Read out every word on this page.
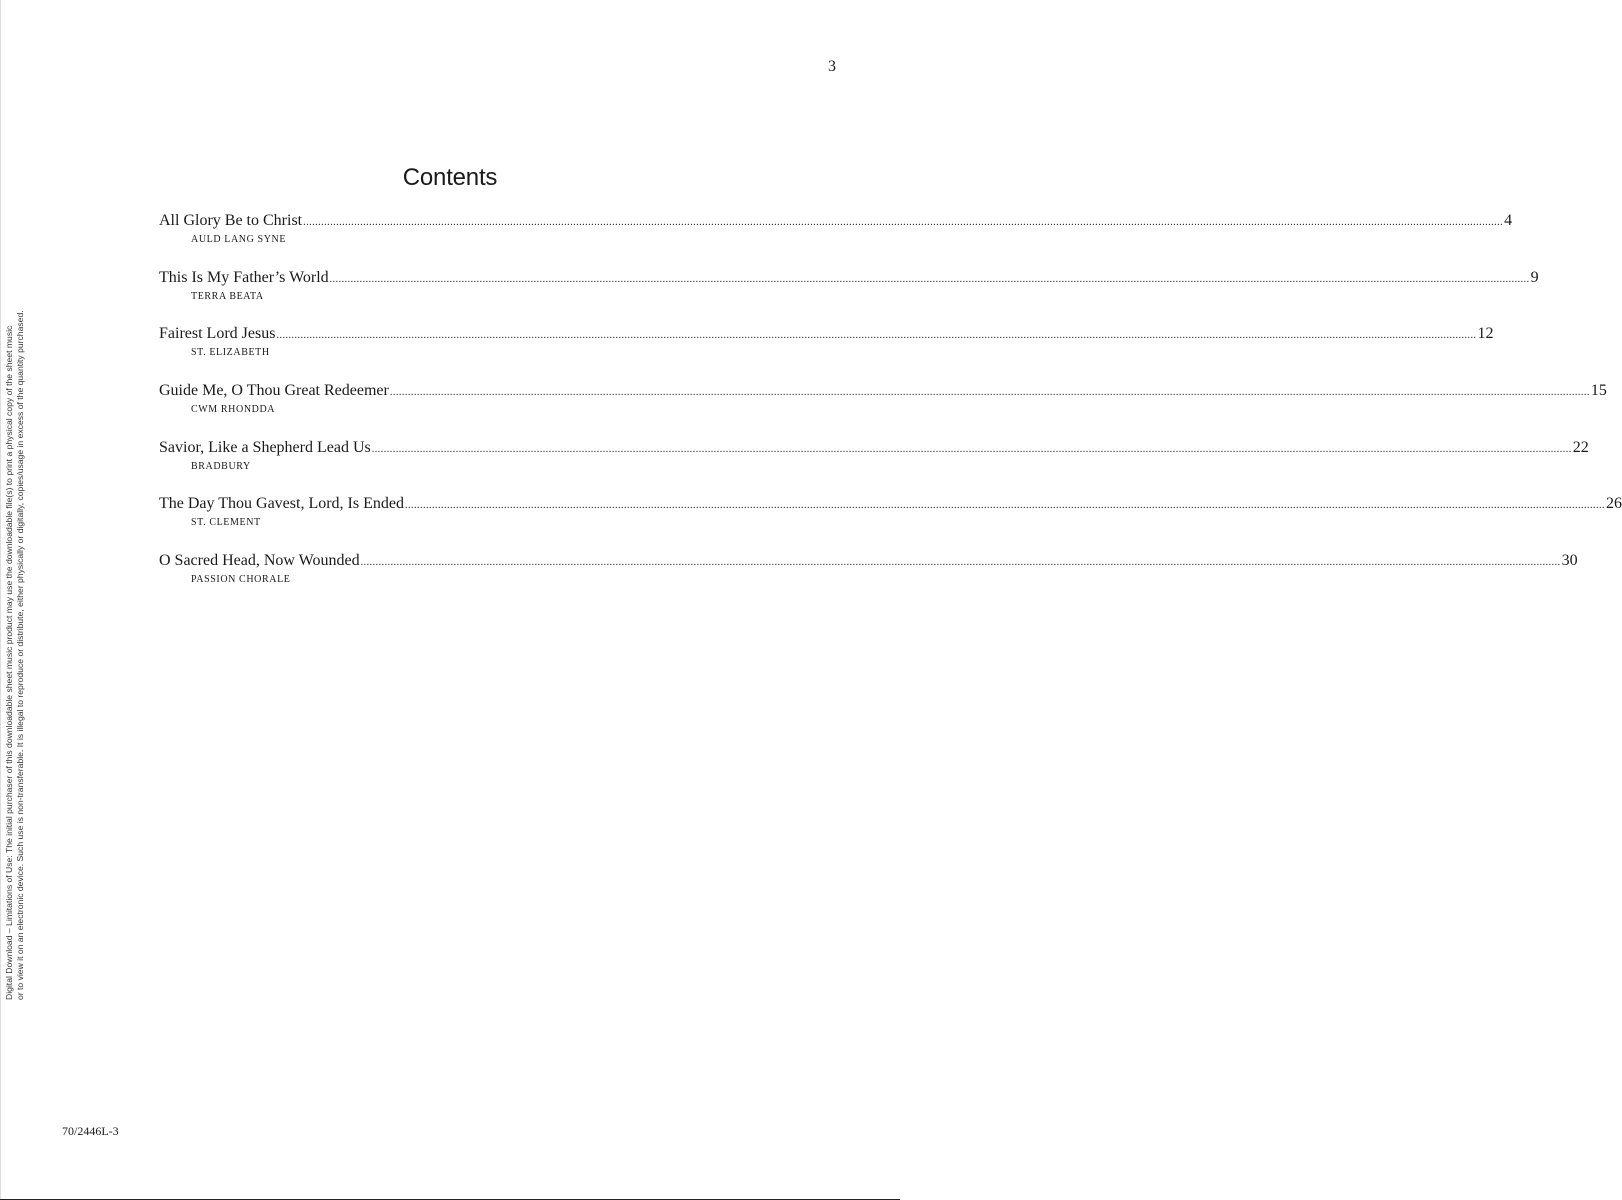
3
Contents
All Glory Be to Christ ................................................................................................................................................................................................................................................................................................................................................................................................................ 4
AULD LANG SYNE
This Is My Father’s World ................................................................................................................................................................................................................................................................................................................................................................................................................ 9
TERRA BEATA
Fairest Lord Jesus ................................................................................................................................................................................................................................................................................................................................................................................................................ 12
ST. ELIZABETH
Guide Me, O Thou Great Redeemer ................................................................................................................................................................................................................................................................................................................................................................................................................ 15
CWM RHONDDA
Savior, Like a Shepherd Lead Us ................................................................................................................................................................................................................................................................................................................................................................................................................ 22
BRADBURY
The Day Thou Gavest, Lord, Is Ended ................................................................................................................................................................................................................................................................................................................................................................................................................ 26
ST. CLEMENT
O Sacred Head, Now Wounded ................................................................................................................................................................................................................................................................................................................................................................................................................ 30
PASSION CHORALE
Digital Download – Limitations of Use: The initial purchaser of this downloadable sheet music product may use the downloadable file(s) to print a physical copy of the sheet music or to view it on an electronic device. Such use is non-transferable. It is illegal to reproduce or distribute, either physically or digitally, copies/usage in excess of the quantity purchased.
70/2446L-3
